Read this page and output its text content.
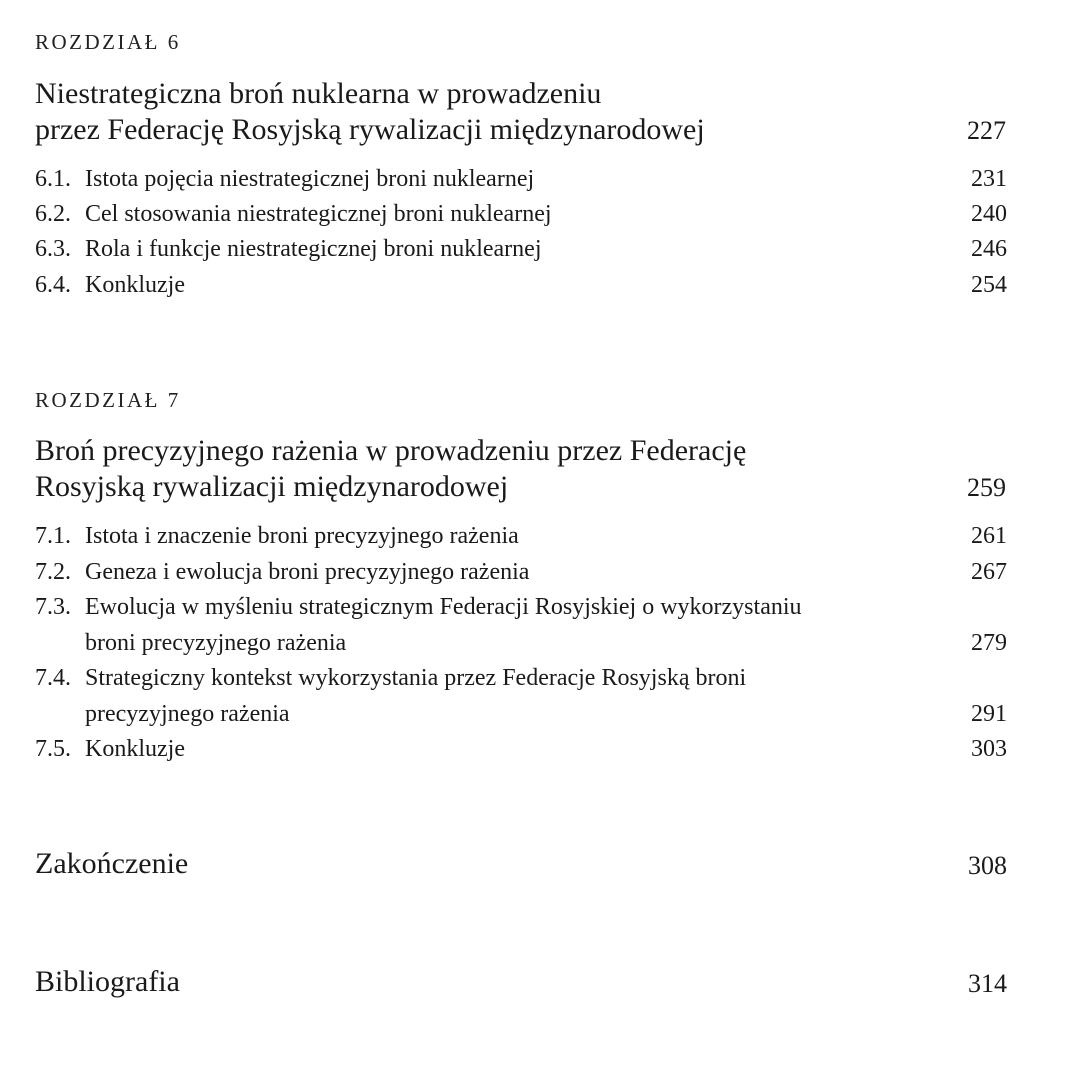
ROZDZIAŁ 6
Niestrategiczna broń nuklearna w prowadzeniu
przez Federację Rosyjską rywalizacji międzynarodowej	227
6.1. Istota pojęcia niestrategicznej broni nuklearnej	231
6.2. Cel stosowania niestrategicznej broni nuklearnej	240
6.3. Rola i funkcje niestrategicznej broni nuklearnej	246
6.4. Konkluzje	254
ROZDZIAŁ 7
Broń precyzyjnego rażenia w prowadzeniu przez Federację
Rosyjską rywalizacji międzynarodowej	259
7.1. Istota i znaczenie broni precyzyjnego rażenia	261
7.2. Geneza i ewolucja broni precyzyjnego rażenia	267
7.3. Ewolucja w myśleniu strategicznym Federacji Rosyjskiej o wykorzystaniu
broni precyzyjnego rażenia	279
7.4. Strategiczny kontekst wykorzystania przez Federacje Rosyjską broni
precyzyjnego rażenia	291
7.5. Konkluzje	303
Zakończenie	308
Bibliografia	314
